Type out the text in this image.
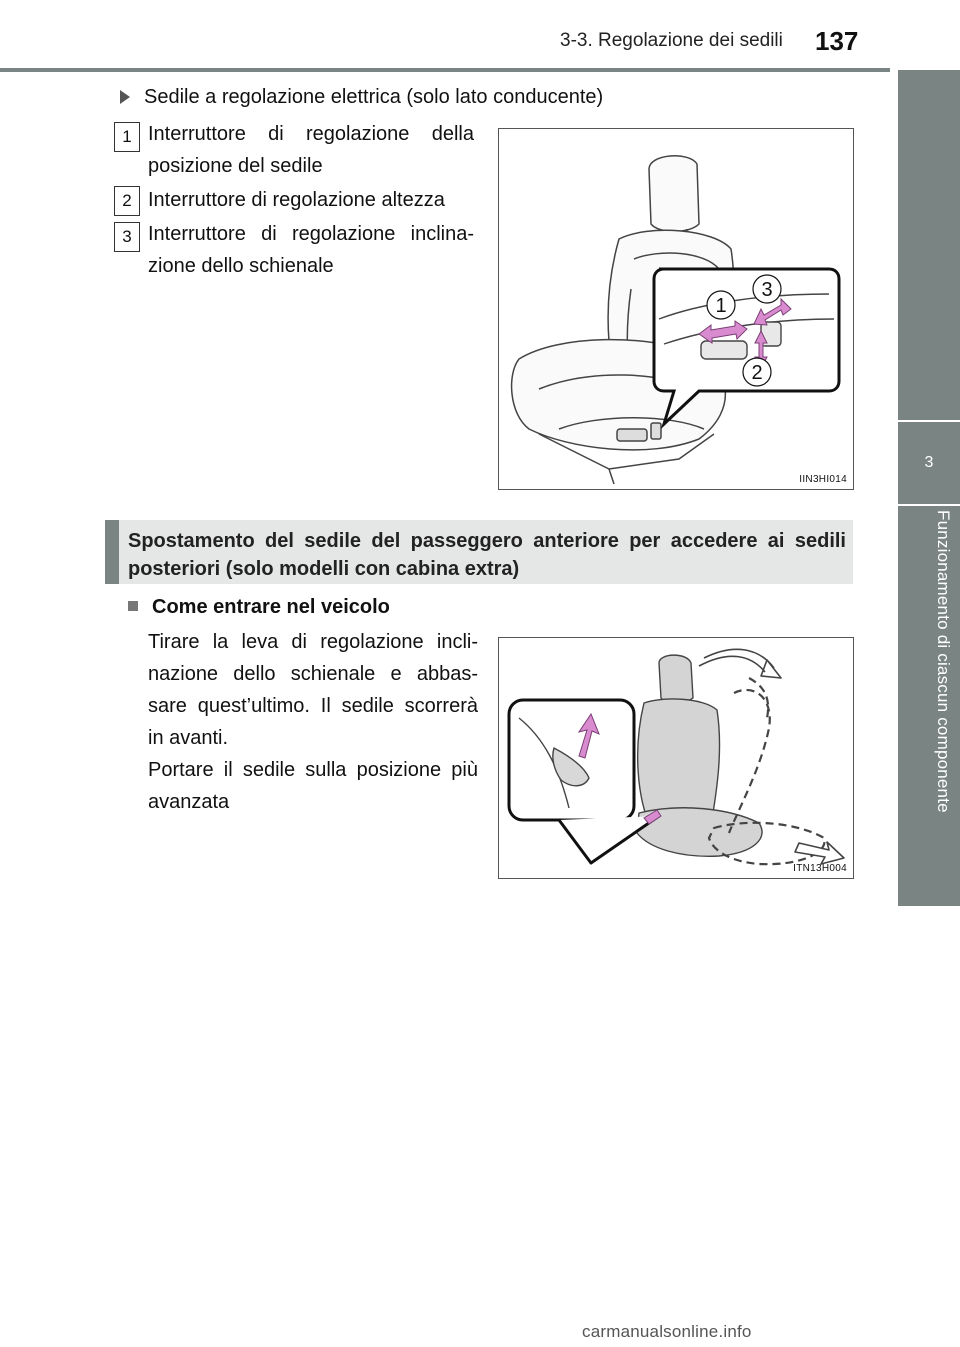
3-3. Regolazione dei sedili 137
3
Funzionamento di ciascun componente
Sedile a regolazione elettrica (solo lato conducente)
1 Interruttore di regolazione della posizione del sedile
2 Interruttore di regolazione altezza
3 Interruttore di regolazione inclina-zione dello schienale
1
3
2
IIN3HI014
Spostamento del sedile del passeggero anteriore per accedere ai sedili posteriori (solo modelli con cabina extra)
Come entrare nel veicolo
Tirare la leva di regolazione incli-nazione dello schienale e abbas-sare quest’ultimo. Il sedile scorrerà in avanti.
Portare il sedile sulla posizione più avanzata
ITN13H004
carmanualsonline.info
